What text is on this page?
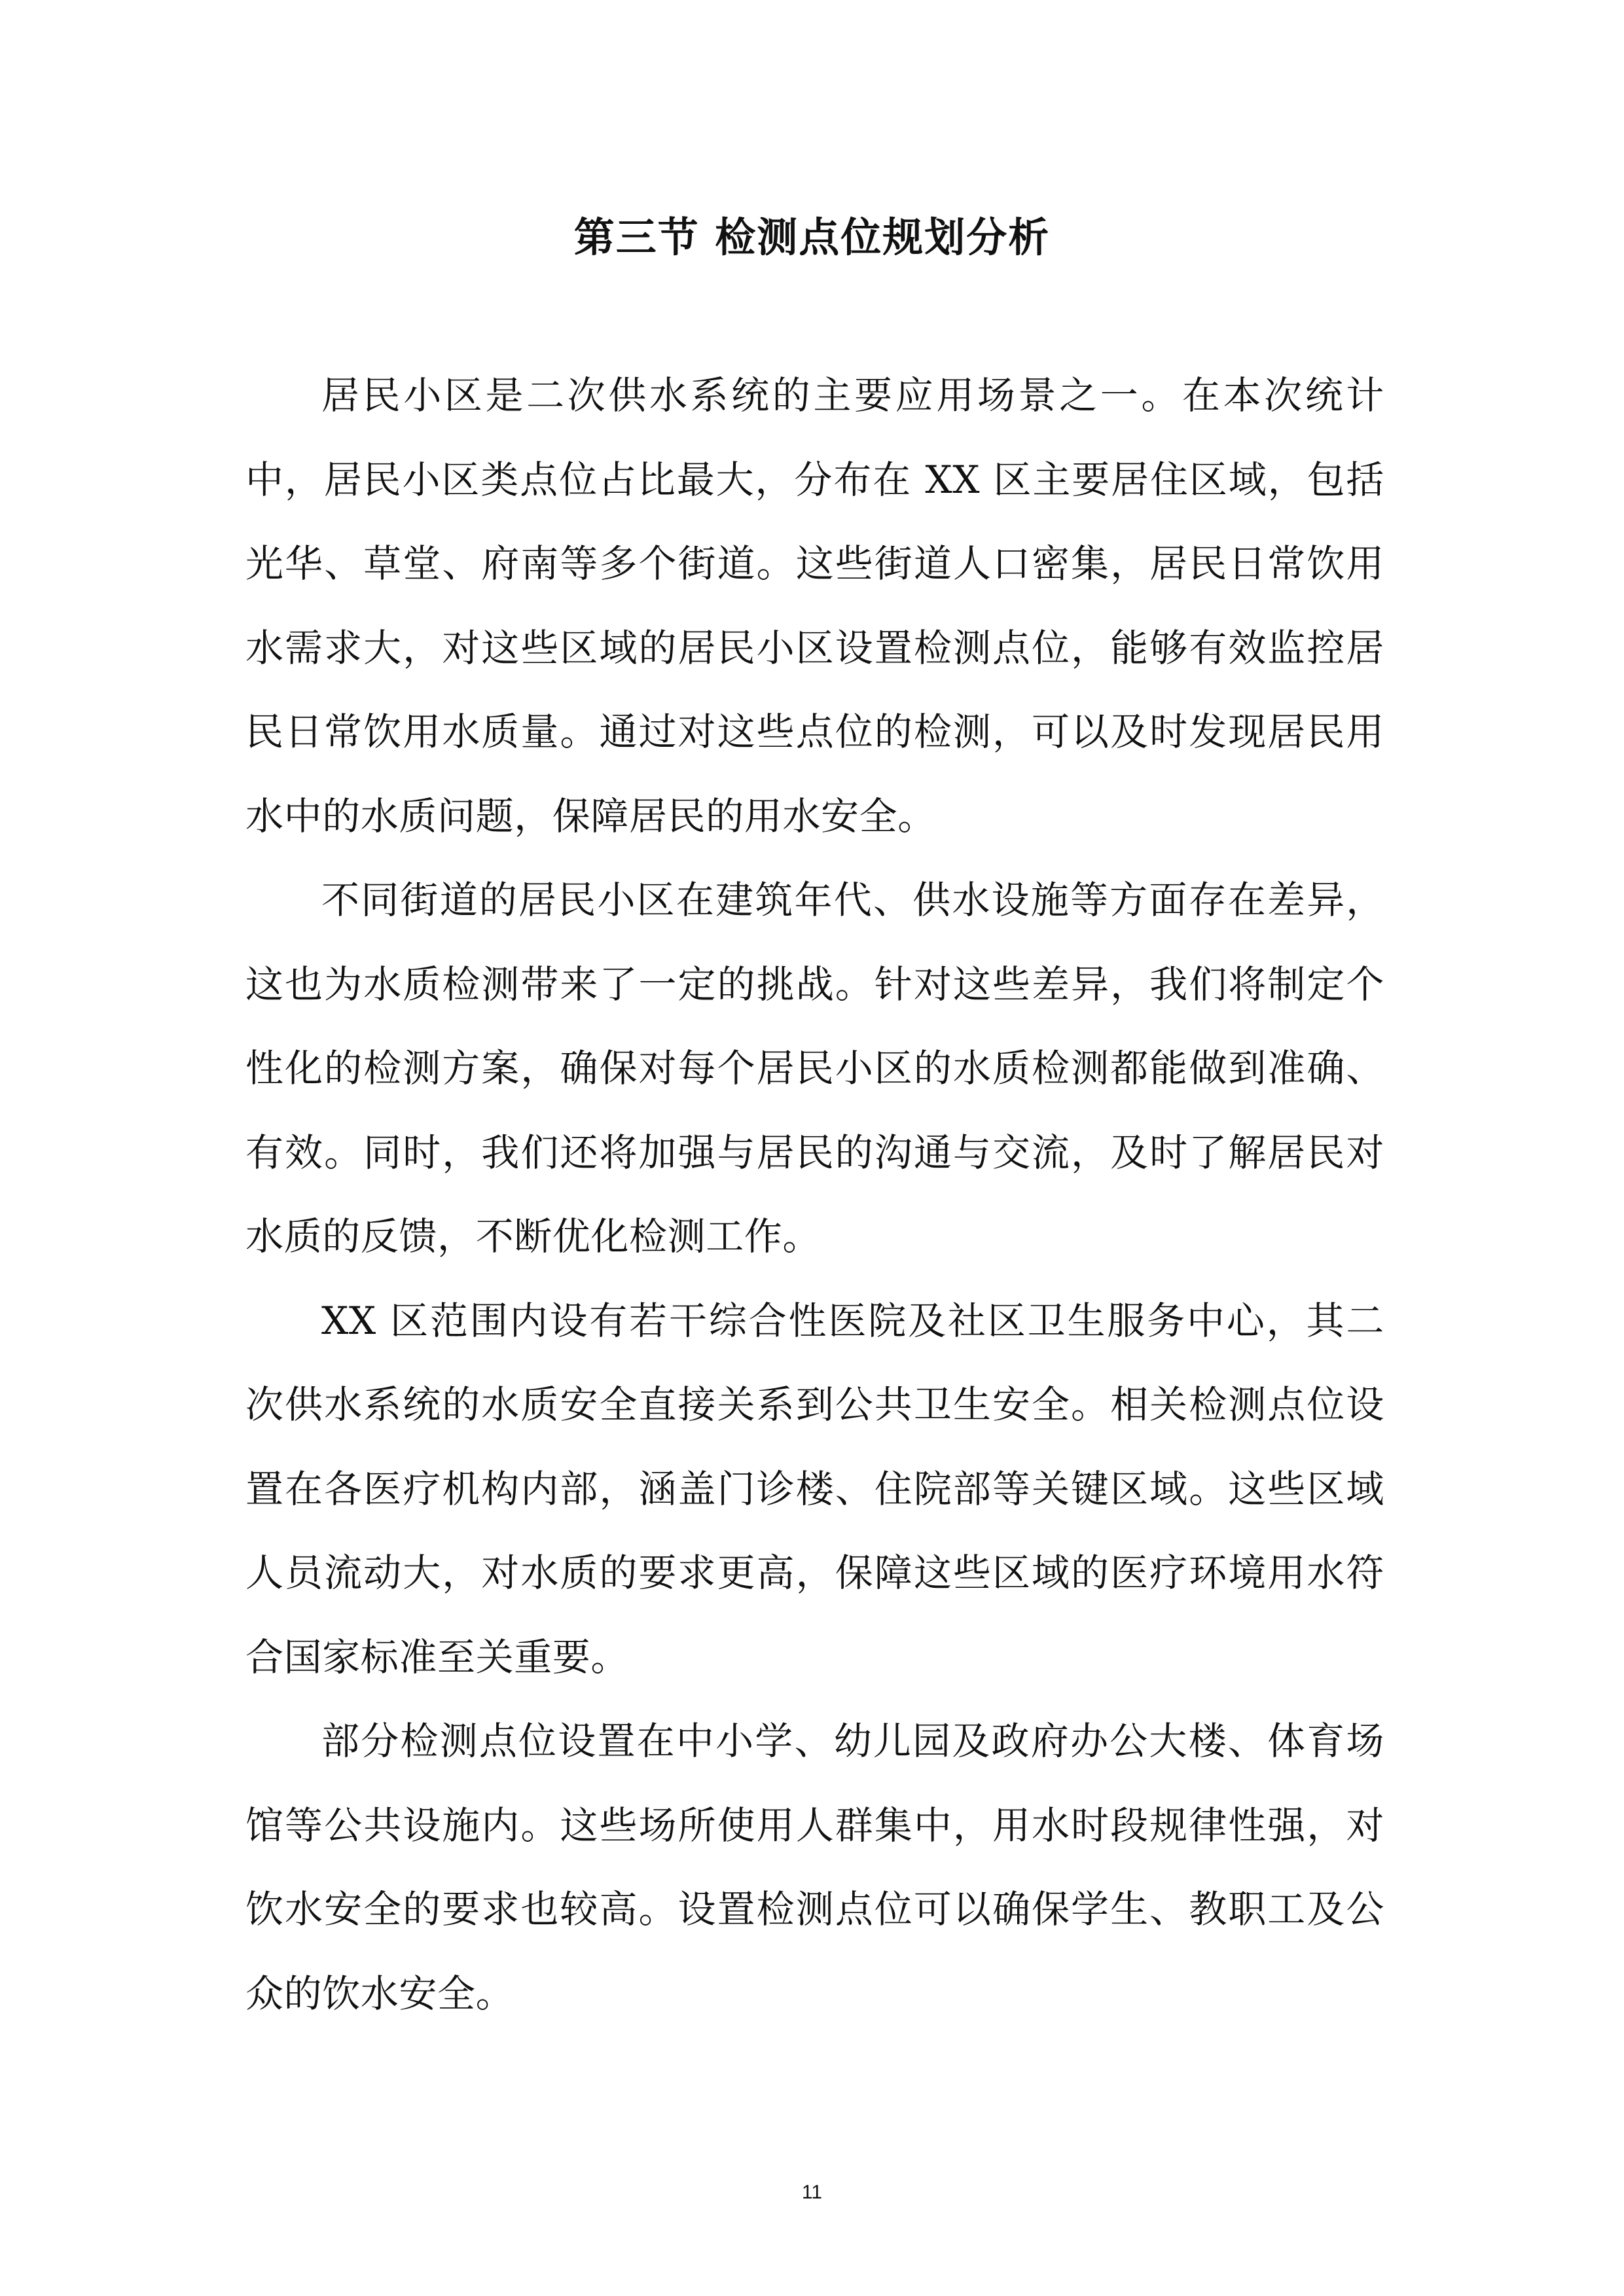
第三节 检测点位规划分析

居民小区是二次供水系统的主要应用场景之一。在本次统计中，居民小区类点位占比最大，分布在 XX 区主要居住区域，包括光华、草堂、府南等多个街道。这些街道人口密集，居民日常饮用水需求大，对这些区域的居民小区设置检测点位，能够有效监控居民日常饮用水质量。通过对这些点位的检测，可以及时发现居民用水中的水质问题，保障居民的用水安全。

不同街道的居民小区在建筑年代、供水设施等方面存在差异，这也为水质检测带来了一定的挑战。针对这些差异，我们将制定个性化的检测方案，确保对每个居民小区的水质检测都能做到准确、有效。同时，我们还将加强与居民的沟通与交流，及时了解居民对水质的反馈，不断优化检测工作。

XX 区范围内设有若干综合性医院及社区卫生服务中心，其二次供水系统的水质安全直接关系到公共卫生安全。相关检测点位设置在各医疗机构内部，涵盖门诊楼、住院部等关键区域。这些区域人员流动大，对水质的要求更高，保障这些区域的医疗环境用水符合国家标准至关重要。

部分检测点位设置在中小学、幼儿园及政府办公大楼、体育场馆等公共设施内。这些场所使用人群集中，用水时段规律性强，对饮水安全的要求也较高。设置检测点位可以确保学生、教职工及公众的饮水安全。

11
